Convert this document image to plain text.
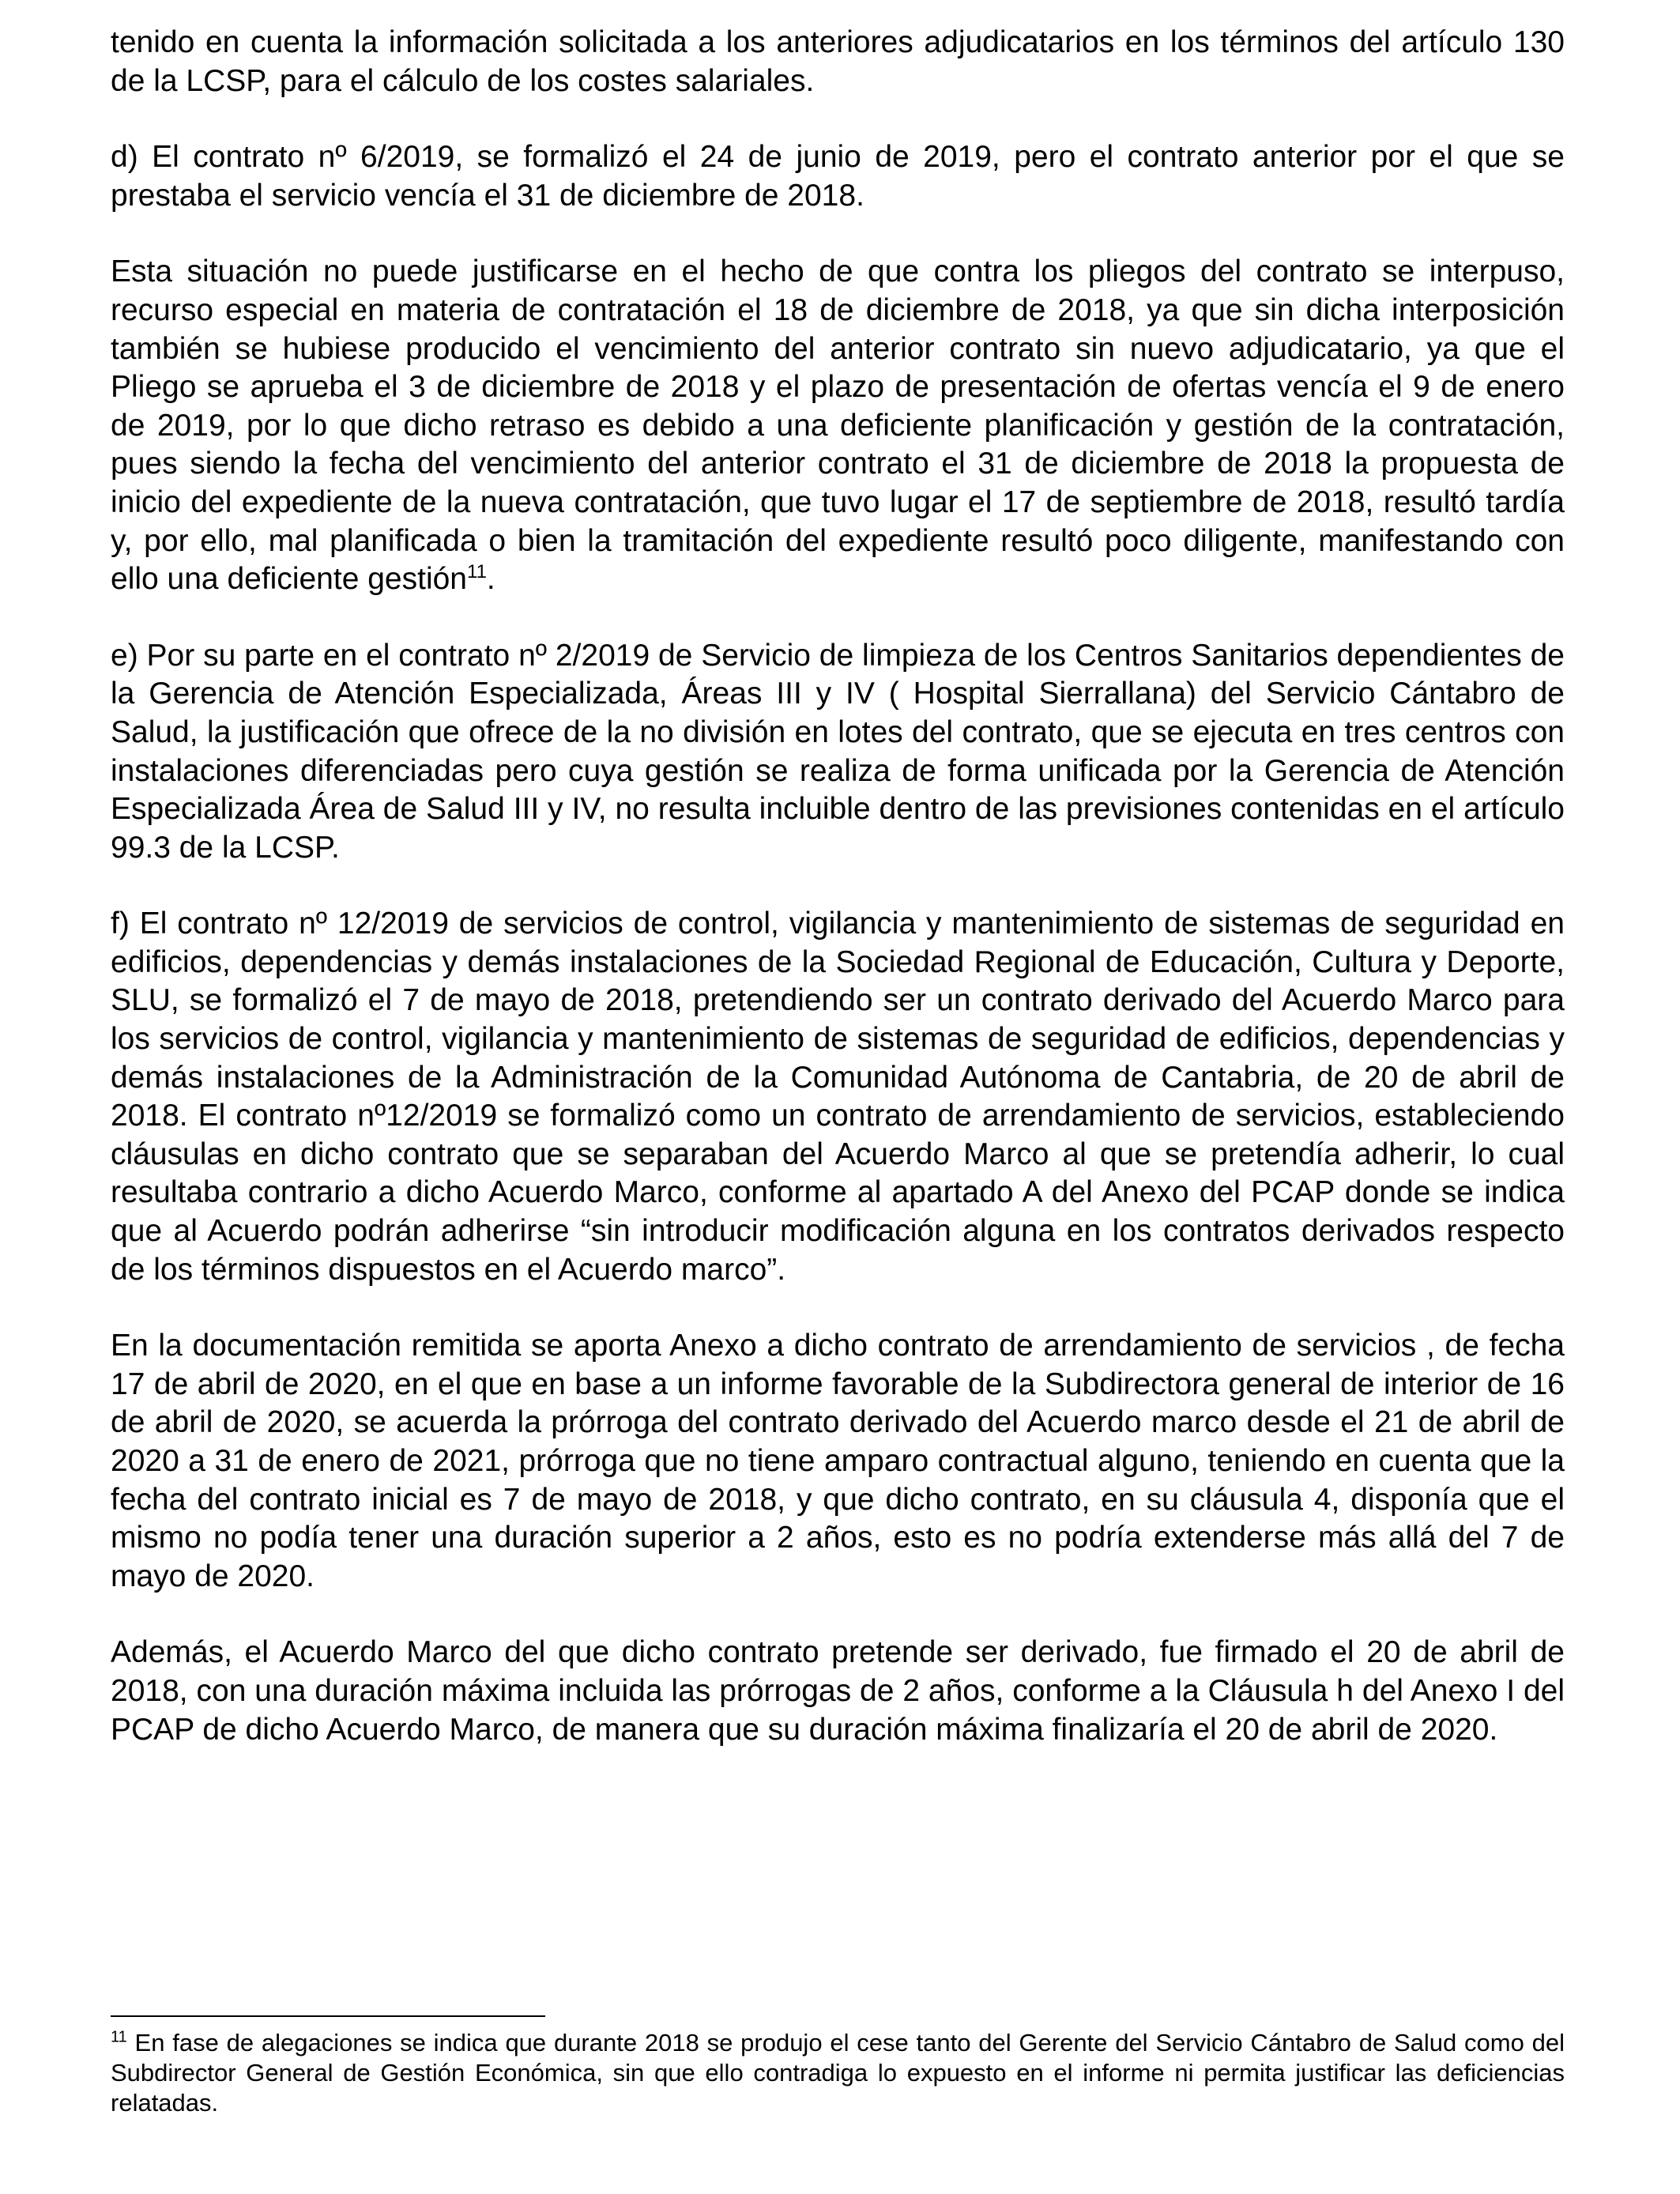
tenido en cuenta la información solicitada a los anteriores adjudicatarios en los términos del artículo 130 de la LCSP, para el cálculo de los costes salariales.

d) El contrato nº 6/2019, se formalizó el 24 de junio de 2019, pero el contrato anterior por el que se prestaba el servicio vencía el 31 de diciembre de 2018.

Esta situación no puede justificarse en el hecho de que contra los pliegos del contrato se interpuso, recurso especial en materia de contratación el 18 de diciembre de 2018, ya que sin dicha interposición también se hubiese producido el vencimiento del anterior contrato sin nuevo adjudicatario, ya que el Pliego se aprueba el 3 de diciembre de 2018 y el plazo de presentación de ofertas vencía el 9 de enero de 2019, por lo que dicho retraso es debido a una deficiente planificación y gestión de la contratación, pues siendo la fecha del vencimiento del anterior contrato el 31 de diciembre de 2018 la propuesta de inicio del expediente de la nueva contratación, que tuvo lugar el 17 de septiembre de 2018, resultó tardía y, por ello, mal planificada o bien la tramitación del expediente resultó poco diligente, manifestando con ello una deficiente gestión$^{11}$.

e) Por su parte en el contrato nº 2/2019 de Servicio de limpieza de los Centros Sanitarios dependientes de la Gerencia de Atención Especializada, Áreas III y IV ( Hospital Sierrallana) del Servicio Cántabro de Salud, la justificación que ofrece de la no división en lotes del contrato, que se ejecuta en tres centros con instalaciones diferenciadas pero cuya gestión se realiza de forma unificada por la Gerencia de Atención Especializada Área de Salud III y IV, no resulta incluible dentro de las previsiones contenidas en el artículo 99.3 de la LCSP.

f) El contrato nº 12/2019 de servicios de control, vigilancia y mantenimiento de sistemas de seguridad en edificios, dependencias y demás instalaciones de la Sociedad Regional de Educación, Cultura y Deporte, SLU, se formalizó el 7 de mayo de 2018, pretendiendo ser un contrato derivado del Acuerdo Marco para los servicios de control, vigilancia y mantenimiento de sistemas de seguridad de edificios, dependencias y demás instalaciones de la Administración de la Comunidad Autónoma de Cantabria, de 20 de abril de 2018. El contrato nº12/2019 se formalizó como un contrato de arrendamiento de servicios, estableciendo cláusulas en dicho contrato que se separaban del Acuerdo Marco al que se pretendía adherir, lo cual resultaba contrario a dicho Acuerdo Marco, conforme al apartado A del Anexo del PCAP donde se indica que al Acuerdo podrán adherirse “sin introducir modificación alguna en los contratos derivados respecto de los términos dispuestos en el Acuerdo marco”.

En la documentación remitida se aporta Anexo a dicho contrato de arrendamiento de servicios , de fecha 17 de abril de 2020, en el que en base a un informe favorable de la Subdirectora general de interior de 16 de abril de 2020, se acuerda la prórroga del contrato derivado del Acuerdo marco desde el 21 de abril de 2020 a 31 de enero de 2021, prórroga que no tiene amparo contractual alguno, teniendo en cuenta que la fecha del contrato inicial es 7 de mayo de 2018, y que dicho contrato, en su cláusula 4, disponía que el mismo no podía tener una duración superior a 2 años, esto es no podría extenderse más allá del 7 de mayo de 2020.

Además, el Acuerdo Marco del que dicho contrato pretende ser derivado, fue firmado el 20 de abril de 2018, con una duración máxima incluida las prórrogas de 2 años, conforme a la Cláusula h del Anexo I del PCAP de dicho Acuerdo Marco, de manera que su duración máxima finalizaría el 20 de abril de 2020.

$^{11}$ En fase de alegaciones se indica que durante 2018 se produjo el cese tanto del Gerente del Servicio Cántabro de Salud como del Subdirector General de Gestión Económica, sin que ello contradiga lo expuesto en el informe ni permita justificar las deficiencias relatadas.
